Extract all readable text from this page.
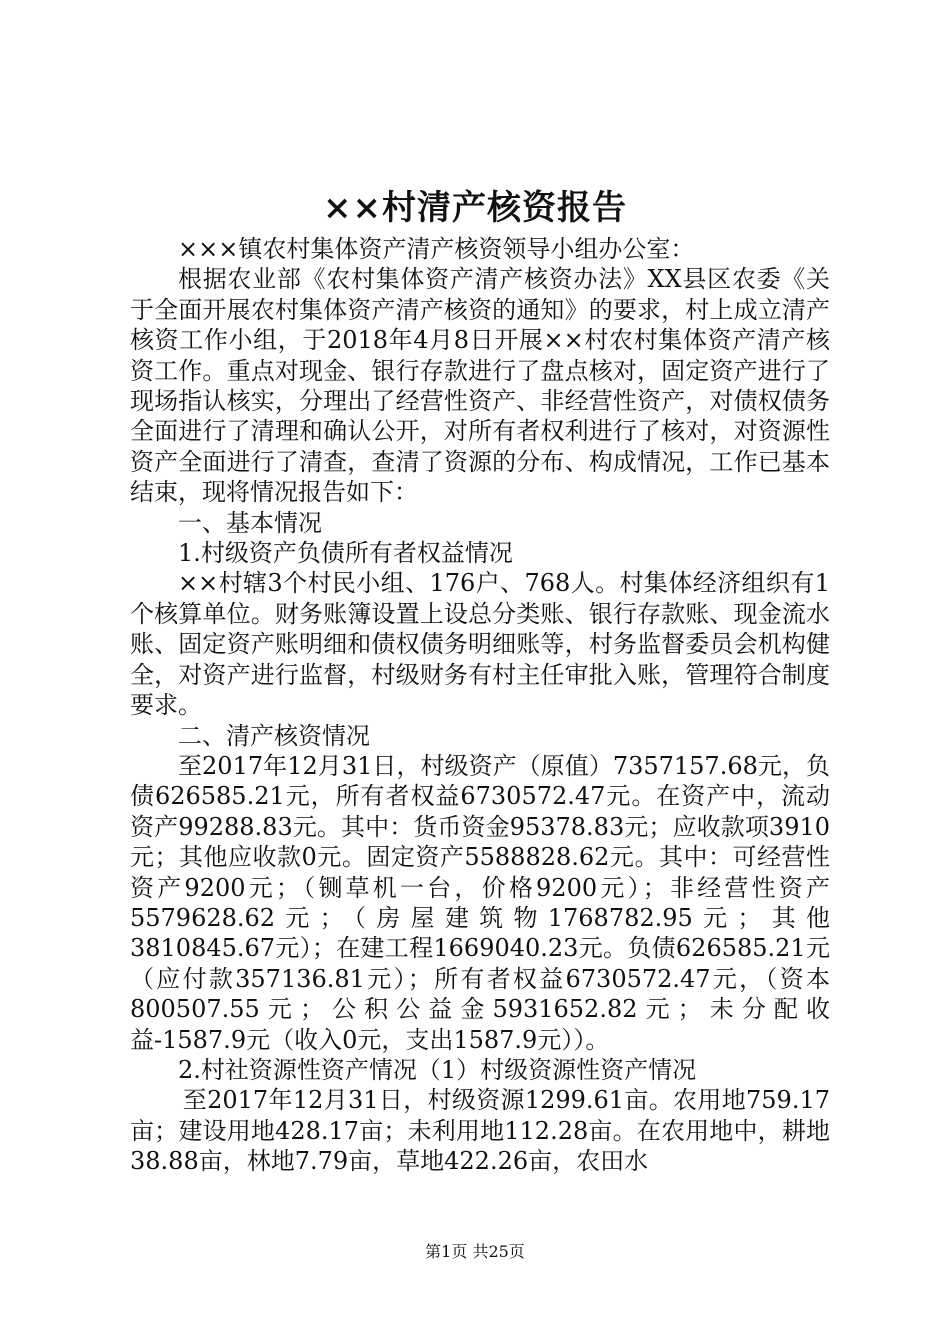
××村清产核资报告

×××镇农村集体资产清产核资领导小组办公室：

根据农业部《农村集体资产清产核资办法》XX县区农委《关于全面开展农村集体资产清产核资的通知》的要求，村上成立清产核资工作小组，于2018年4月8日开展××村农村集体资产清产核资工作。重点对现金、银行存款进行了盘点核对，固定资产进行了现场指认核实，分理出了经营性资产、非经营性资产，对债权债务全面进行了清理和确认公开，对所有者权利进行了核对，对资源性资产全面进行了清查，查清了资源的分布、构成情况，工作已基本结束，现将情况报告如下：

一、基本情况

1.村级资产负债所有者权益情况

××村辖3个村民小组、176户、768人。村集体经济组织有1个核算单位。财务账簿设置上设总分类账、银行存款账、现金流水账、固定资产账明细和债权债务明细账等，村务监督委员会机构健全，对资产进行监督，村级财务有村主任审批入账，管理符合制度要求。

二、清产核资情况

至2017年12月31日，村级资产（原值）7357157.68元，负债626585.21元，所有者权益6730572.47元。在资产中，流动资产99288.83元。其中：货币资金95378.83元；应收款项3910元；其他应收款0元。固定资产5588828.62元。其中：可经营性资产9200元；（铡草机一台，价格9200元）；非经营性资产5579628.62元；（房屋建筑物1768782.95元；其他3810845.67元）；在建工程1669040.23元。负债626585.21元（应付款357136.81元）；所有者权益6730572.47元，（资本800507.55元；公积公益金5931652.82元；未分配收益-1587.9元（收入0元，支出1587.9元））。

2.村社资源性资产情况（1）村级资源性资产情况

至2017年12月31日，村级资源1299.61亩。农用地759.17亩；建设用地428.17亩；未利用地112.28亩。在农用地中，耕地38.88亩，林地7.79亩，草地422.26亩，农田水

第1页 共25页
